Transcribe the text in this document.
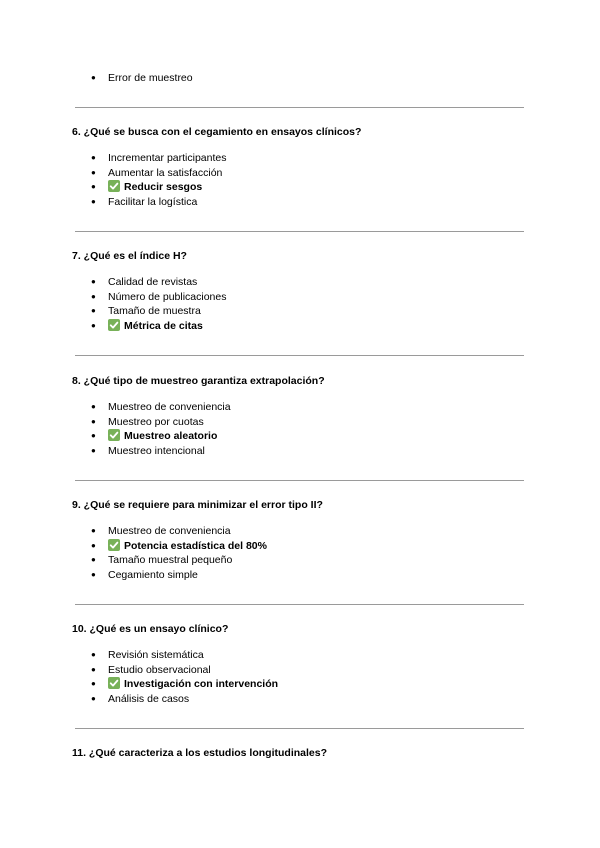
●	Error de muestreo

6. ¿Qué se busca con el cegamiento en ensayos clínicos?

●	Incrementar participantes
●	Aumentar la satisfacción
●	Reducir sesgos
●	Facilitar la logística

7. ¿Qué es el índice H?

●	Calidad de revistas
●	Número de publicaciones
●	Tamaño de muestra
●	Métrica de citas

8. ¿Qué tipo de muestreo garantiza extrapolación?

●	Muestreo de conveniencia
●	Muestreo por cuotas
●	Muestreo aleatorio
●	Muestreo intencional

9. ¿Qué se requiere para minimizar el error tipo II?

●	Muestreo de conveniencia
●	Potencia estadística del 80%
●	Tamaño muestral pequeño
●	Cegamiento simple

10. ¿Qué es un ensayo clínico?

●	Revisión sistemática
●	Estudio observacional
●	Investigación con intervención
●	Análisis de casos

11. ¿Qué caracteriza a los estudios longitudinales?
